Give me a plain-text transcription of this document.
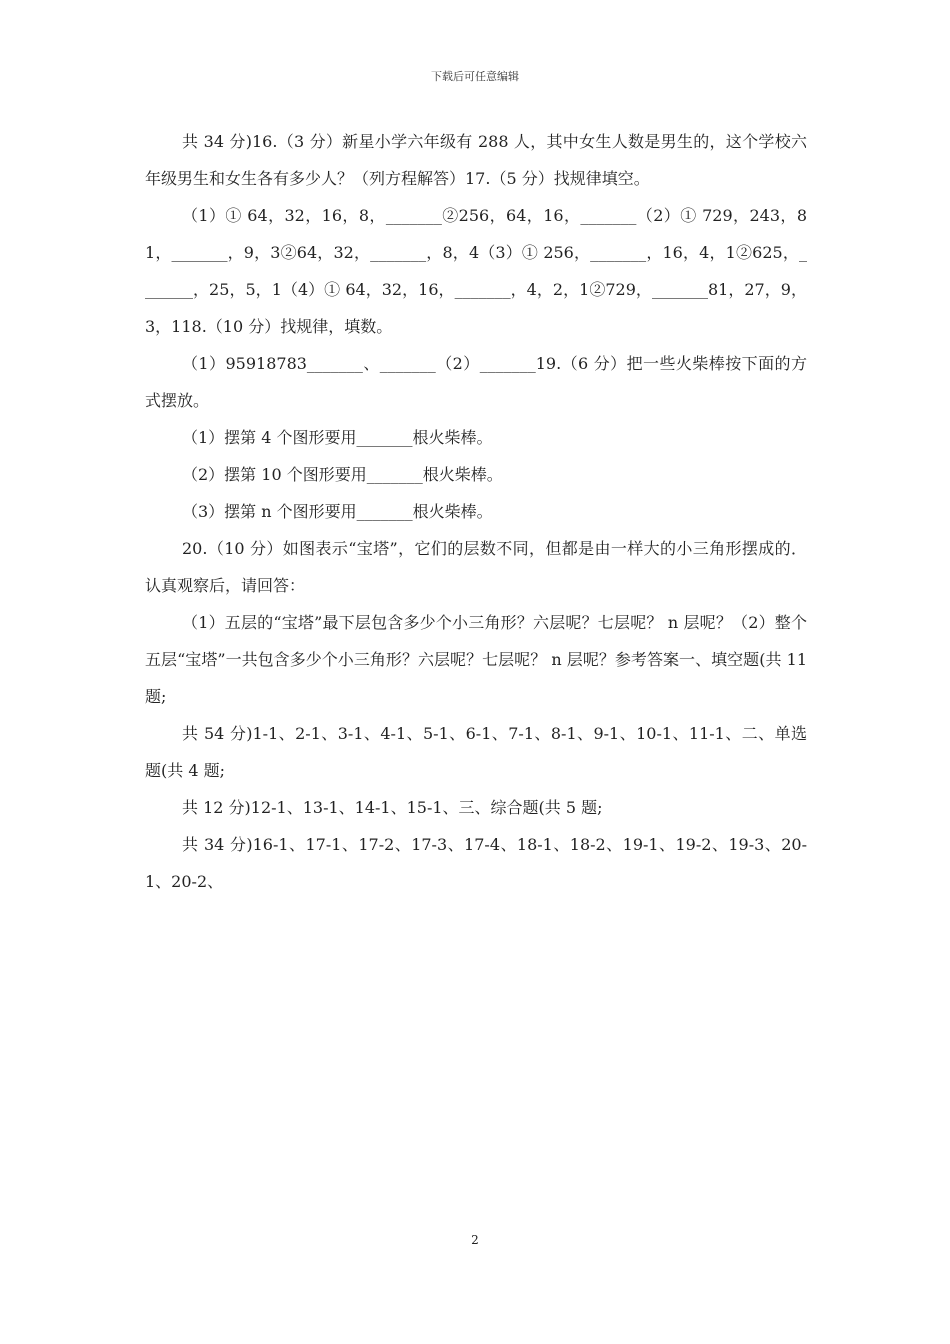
下载后可任意编辑

共 34 分)16.（3 分）新星小学六年级有 288 人，其中女生人数是男生的，这个学校六年级男生和女生各有多少人？（列方程解答）17.（5 分）找规律填空。

（1）① 64，32，16，8，_______②256，64，16，_______（2）① 729，243，81，_______，9，3②64，32，_______，8，4（3）① 256，_______，16，4，1②625，_______，25，5，1（4）① 64，32，16，_______，4，2，1②729，_______81，27，9，3，118.（10 分）找规律，填数。

（1）95918783_______、_______（2）_______19.（6 分）把一些火柴棒按下面的方式摆放。

（1）摆第 4 个图形要用_______根火柴棒。

（2）摆第 10 个图形要用_______根火柴棒。

（3）摆第 n 个图形要用_______根火柴棒。

20.（10 分）如图表示“宝塔”，它们的层数不同，但都是由一样大的小三角形摆成的．认真观察后，请回答：

（1）五层的“宝塔”最下层包含多少个小三角形？六层呢？七层呢？ n 层呢？（2）整个五层“宝塔”一共包含多少个小三角形？六层呢？七层呢？ n 层呢？参考答案一、填空题(共 11 题;

共 54 分)1-1、2-1、3-1、4-1、5-1、6-1、7-1、8-1、9-1、10-1、11-1、二、单选题(共 4 题;

共 12 分)12-1、13-1、14-1、15-1、三、综合题(共 5 题;

共 34 分)16-1、17-1、17-2、17-3、17-4、18-1、18-2、19-1、19-2、19-3、20-1、20-2、

2
